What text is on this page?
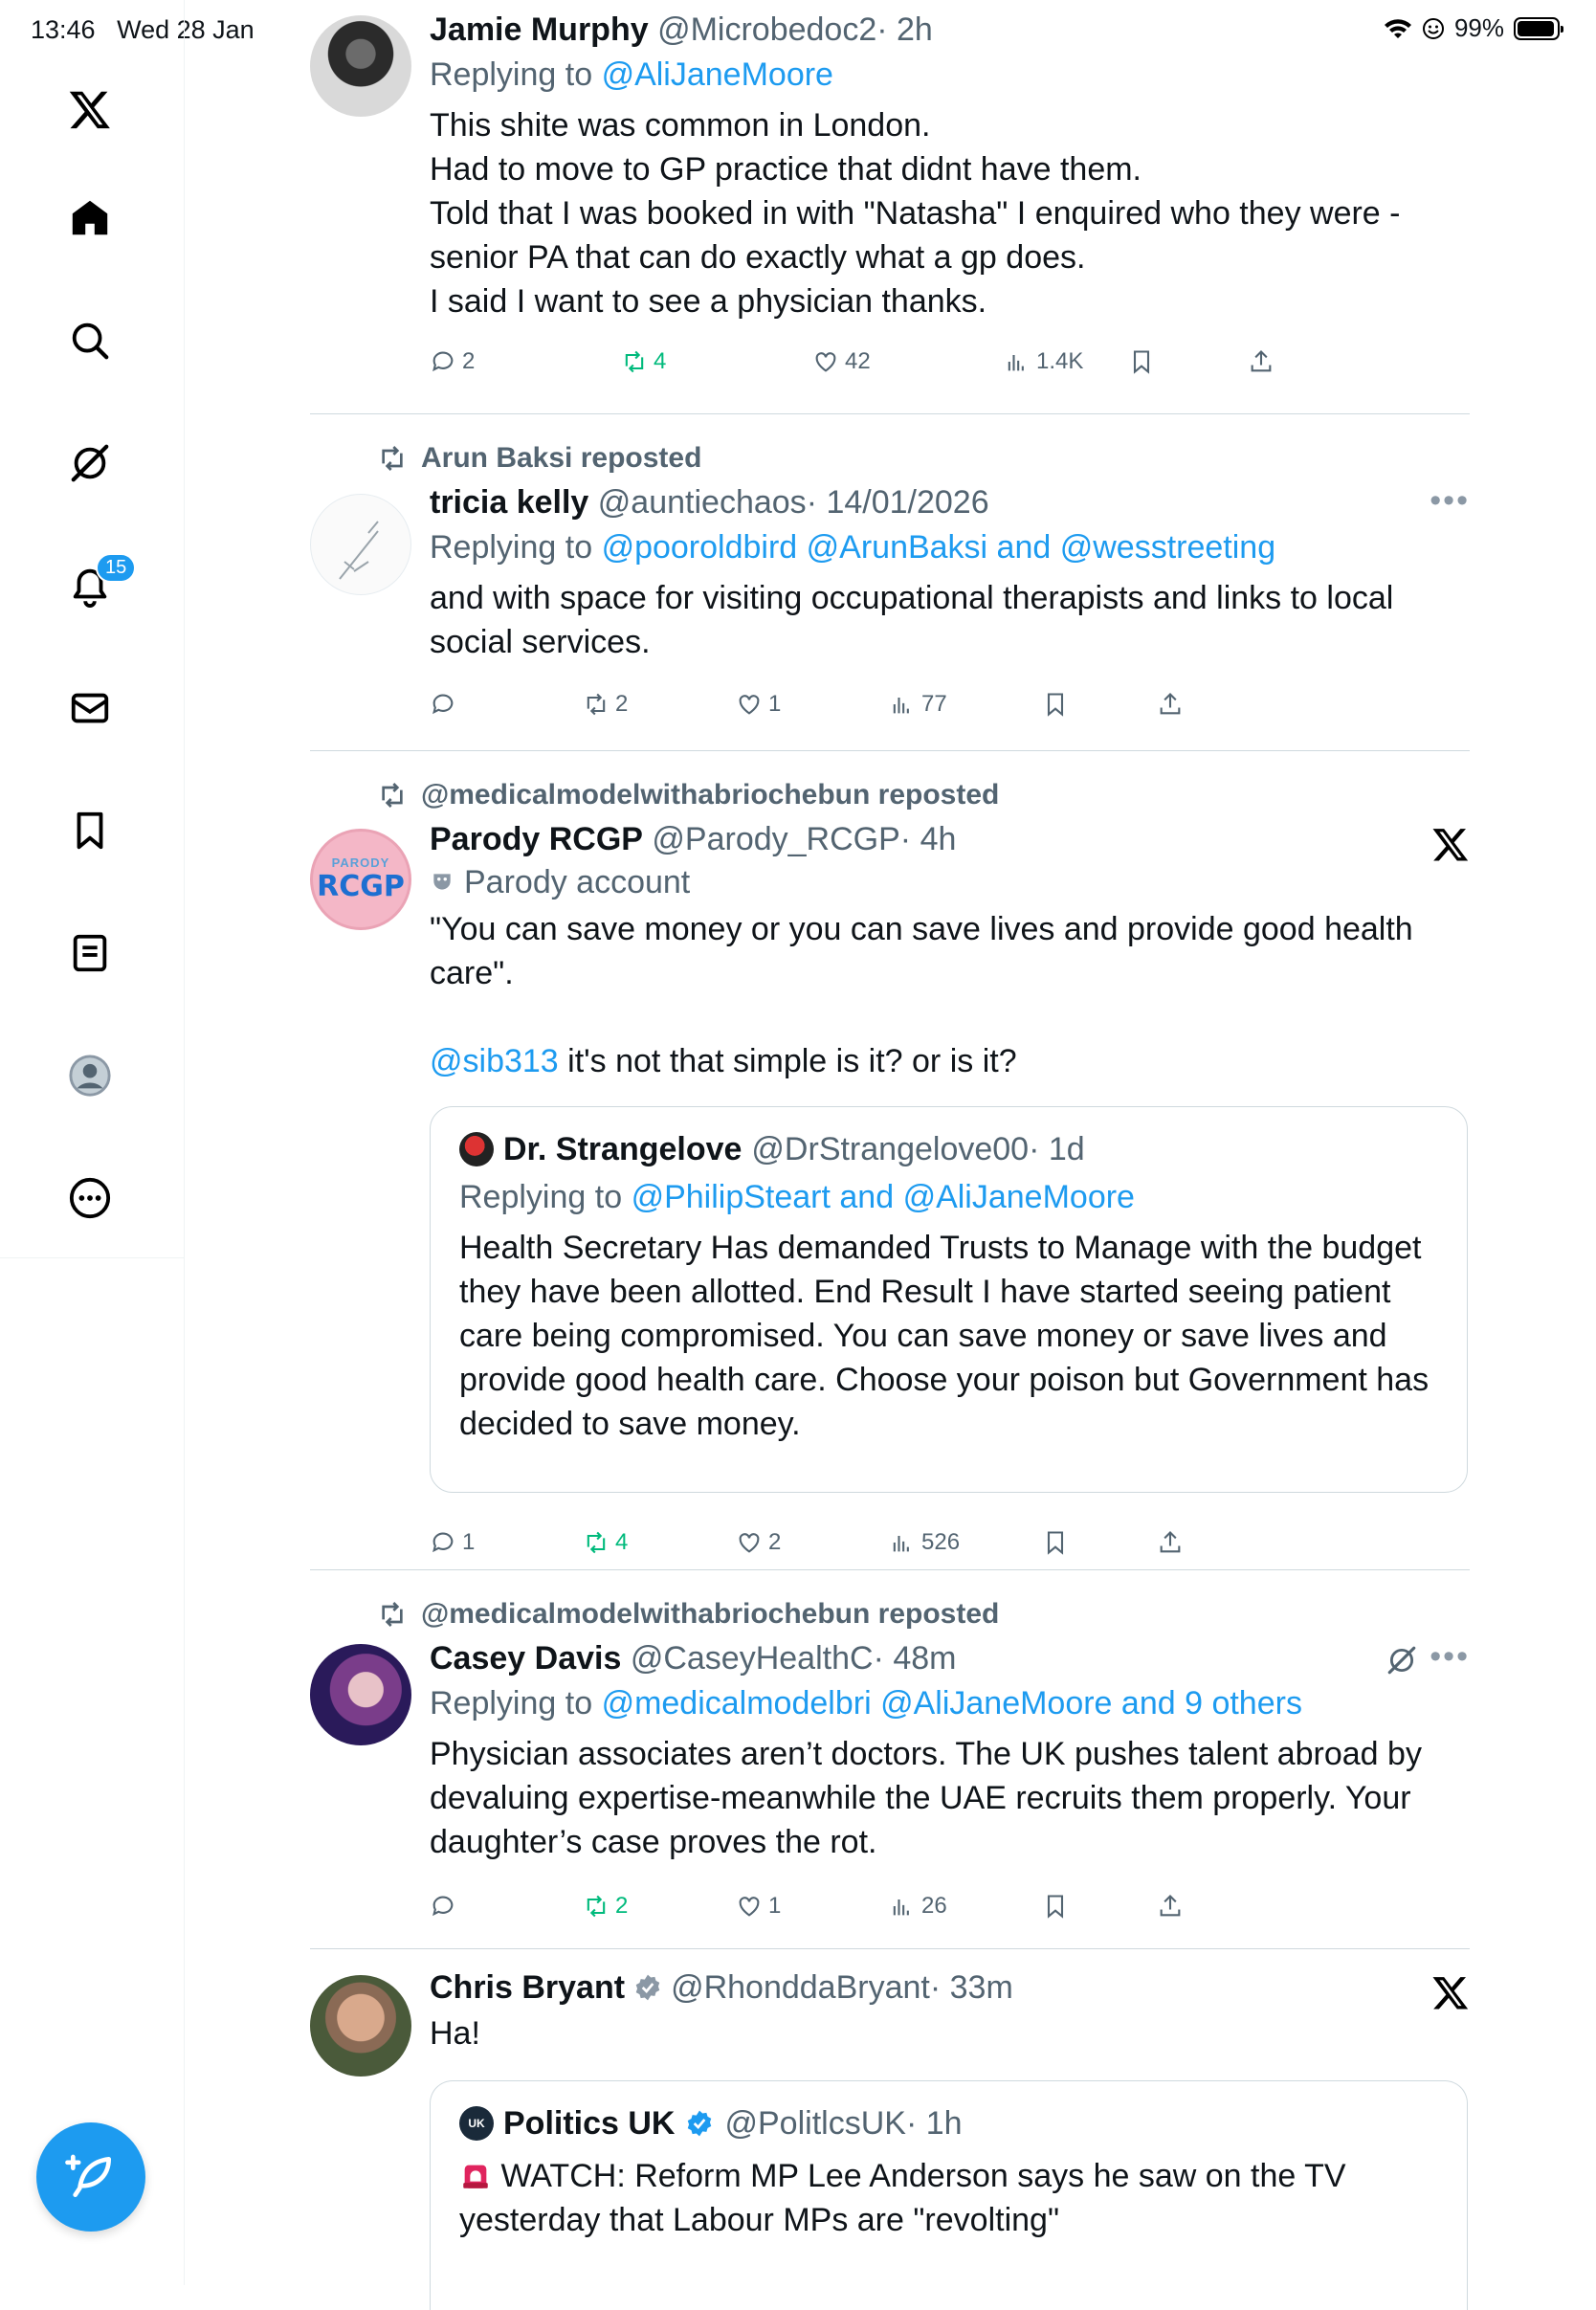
13:46 Wed 28 Jan	99%
15
Jamie Murphy @Microbedoc2· 2h
Replying to @AliJaneMoore
This shite was common in London.
Had to move to GP practice that didnt have them.
Told that I was booked in with "Natasha" I enquired who they were - senior PA that can do exactly what a gp does.
I said I want to see a physician thanks.
2	4	42	1.4K
Arun Baksi reposted
tricia kelly @auntiechaos· 14/01/2026
Replying to @pooroldbird @ArunBaksi and @wesstreeting
and with space for visiting occupational therapists and links to local social services.
•••
2	1	77
@medicalmodelwithabriochebun reposted
PARODY
RCGP
Parody RCGP @Parody_RCGP· 4h
Parody account
"You can save money or you can save lives and provide good health care".
@sib313 it's not that simple is it? or is it?
Dr. Strangelove @DrStrangelove00 · 1d
Replying to @PhilipSteart and @AliJaneMoore
Health Secretary Has demanded Trusts to Manage with the budget they have been allotted. End Result I have started seeing patient care being compromised. You can save money or save lives and provide good health care. Choose your poison but Government has decided to save money.
1	4	2	526
@medicalmodelwithabriochebun reposted
Casey Davis @CaseyHealthC· 48m
Replying to @medicalmodelbri @AliJaneMoore and 9 others
Physician associates aren’t doctors. The UK pushes talent abroad by devaluing expertise-meanwhile the UAE recruits them properly. Your daughter’s case proves the rot.
•••
2	1	26
Chris Bryant @RhonddaBryant · 33m
Ha!
UK Politics UK @PolitlcsUK · 1h
WATCH: Reform MP Lee Anderson says he saw on the TV yesterday that Labour MPs are "revolting"
